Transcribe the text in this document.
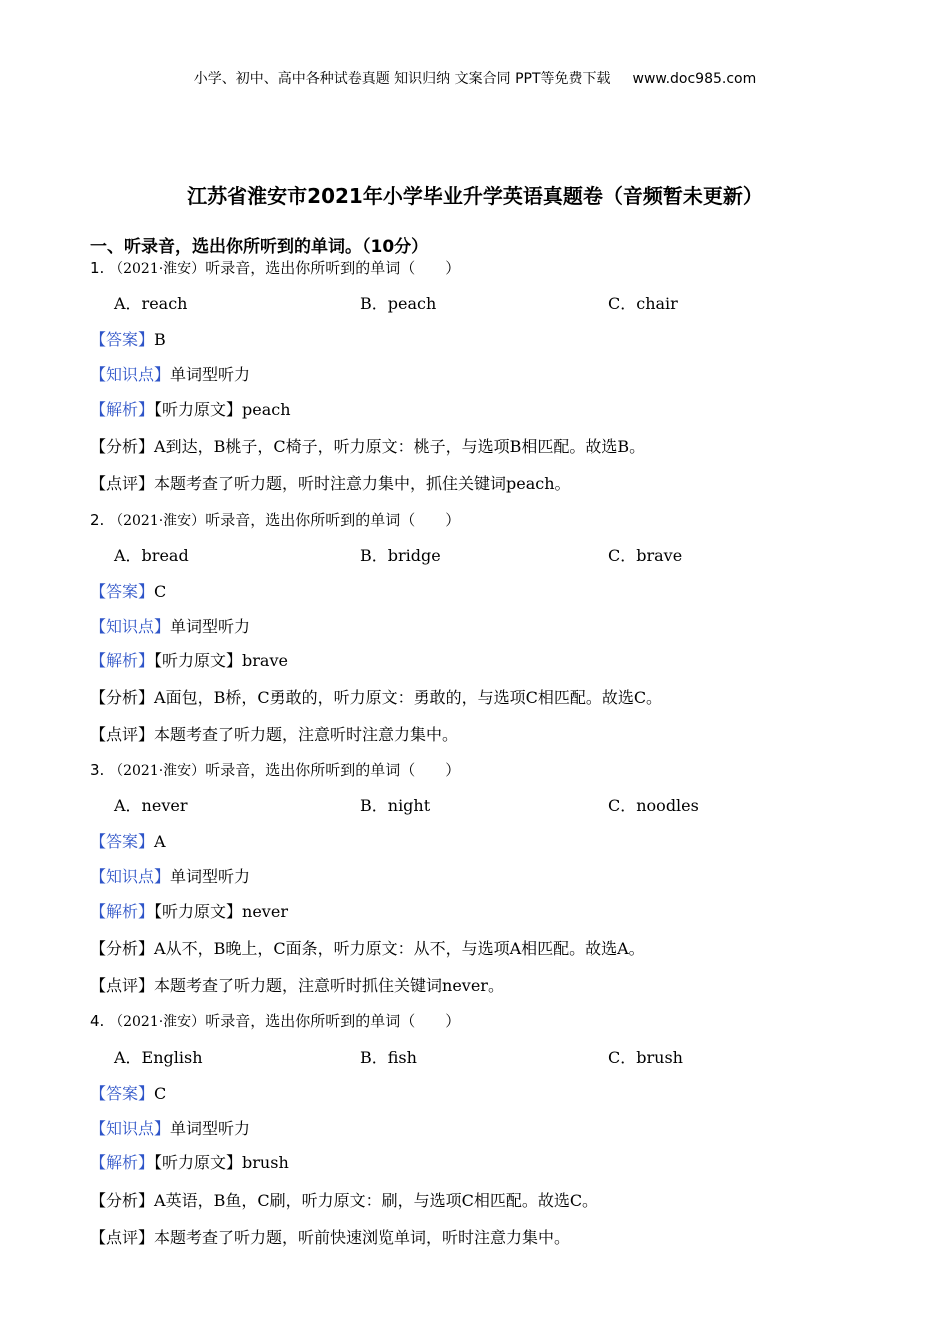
小学、初中、高中各种试卷真题 知识归纳 文案合同 PPT等免费下载 www.doc985.com
江苏省淮安市2021年小学毕业升学英语真题卷（音频暂未更新）
一、听录音，选出你所听到的单词。（10分）
1. （2021·淮安）听录音，选出你所听到的单词（　　）
A．reach	B．peach	C．chair
【答案】B
【知识点】单词型听力
【解析】【听力原文】peach
【分析】A到达，B桃子，C椅子，听力原文：桃子，与选项B相匹配。故选B。
【点评】本题考查了听力题，听时注意力集中，抓住关键词peach。
2. （2021·淮安）听录音，选出你所听到的单词（　　）
A．bread	B．bridge	C．brave
【答案】C
【知识点】单词型听力
【解析】【听力原文】brave
【分析】A面包，B桥，C勇敢的，听力原文：勇敢的，与选项C相匹配。故选C。
【点评】本题考查了听力题，注意听时注意力集中。
3. （2021·淮安）听录音，选出你所听到的单词（　　）
A．never	B．night	C．noodles
【答案】A
【知识点】单词型听力
【解析】【听力原文】never
【分析】A从不，B晚上，C面条，听力原文：从不，与选项A相匹配。故选A。
【点评】本题考查了听力题，注意听时抓住关键词never。
4. （2021·淮安）听录音，选出你所听到的单词（　　）
A．English	B．fish	C．brush
【答案】C
【知识点】单词型听力
【解析】【听力原文】brush
【分析】A英语，B鱼，C刷，听力原文：刷，与选项C相匹配。故选C。
【点评】本题考查了听力题，听前快速浏览单词，听时注意力集中。
